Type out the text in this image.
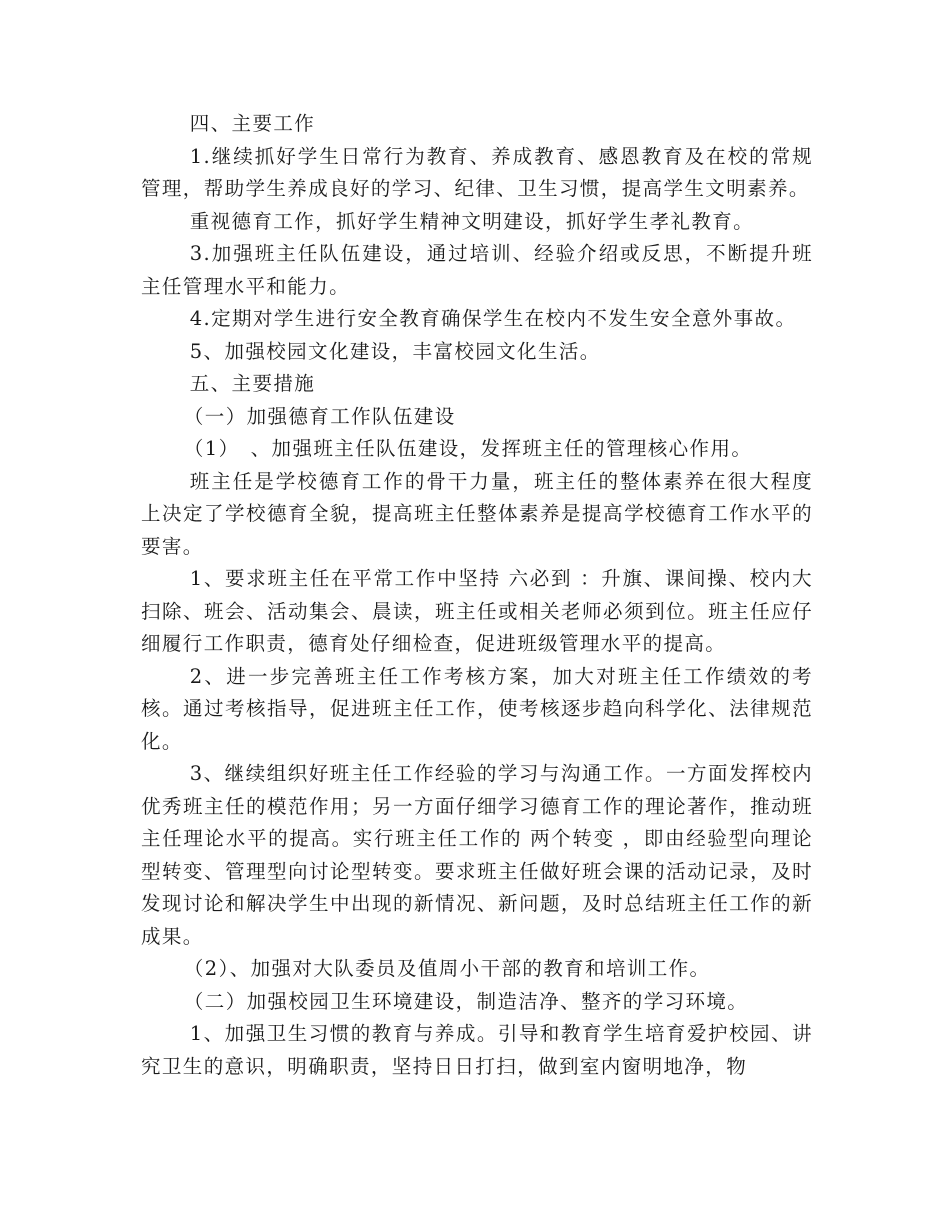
四、主要工作

1.继续抓好学生日常行为教育、养成教育、感恩教育及在校的常规管理，帮助学生养成良好的学习、纪律、卫生习惯，提高学生文明素养。

重视德育工作，抓好学生精神文明建设，抓好学生孝礼教育。

3.加强班主任队伍建设，通过培训、经验介绍或反思，不断提升班主任管理水平和能力。

4.定期对学生进行安全教育确保学生在校内不发生安全意外事故。

5、加强校园文化建设，丰富校园文化生活。

五、主要措施

（一）加强德育工作队伍建设

（1）　、加强班主任队伍建设，发挥班主任的管理核心作用。

班主任是学校德育工作的骨干力量，班主任的整体素养在很大程度上决定了学校德育全貌，提高班主任整体素养是提高学校德育工作水平的要害。

1、要求班主任在平常工作中坚持 六必到 ：升旗、课间操、校内大扫除、班会、活动集会、晨读，班主任或相关老师必须到位。班主任应仔细履行工作职责，德育处仔细检查，促进班级管理水平的提高。

2、进一步完善班主任工作考核方案，加大对班主任工作绩效的考核。通过考核指导，促进班主任工作，使考核逐步趋向科学化、法律规范化。

3、继续组织好班主任工作经验的学习与沟通工作。一方面发挥校内优秀班主任的模范作用；另一方面仔细学习德育工作的理论著作，推动班主任理论水平的提高。实行班主任工作的 两个转变 ，即由经验型向理论型转变、管理型向讨论型转变。要求班主任做好班会课的活动记录，及时发现讨论和解决学生中出现的新情况、新问题，及时总结班主任工作的新成果。

（2）、加强对大队委员及值周小干部的教育和培训工作。

（二）加强校园卫生环境建设，制造洁净、整齐的学习环境。

1、加强卫生习惯的教育与养成。引导和教育学生培育爱护校园、讲究卫生的意识，明确职责，坚持日日打扫，做到室内窗明地净，物
